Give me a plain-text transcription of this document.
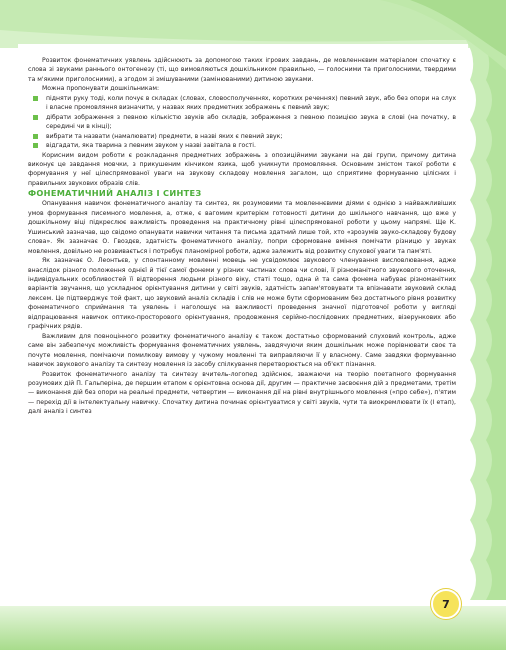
Розвиток фонематичних уявлень здійснюють за допомогою таких ігрових завдань, де мовленнєвим матеріалом спочатку є слова зі звуками раннього онтогенезу (ті, що вимовляються дошкільником правильно, — голосними та приголосними, твердими та м'якими приголосними), а згодом зі змішуваними (замінюваними) дитиною звуками.

Можна пропонувати дошкільникам:

підняти руку тоді, коли почує в складах (словах, словосполученнях, коротких реченнях) певний звук, або без опори на слух і власне промовляння визначити, у назвах яких предметних зображень є певний звук;
дібрати зображення з певною кількістю звуків або складів, зображення з певною позицією звука в слові (на початку, в середині чи в кінці);
вибрати та назвати (намалювати) предмети, в назві яких є певний звук;
відгадати, яка тварина з певним звуком у назві завітала в гості.

Корисним видом роботи є розкладання предметних зображень з опозиційними звуками на дві групи, причому дитина виконує це завдання мовчки, з прикушеним кінчиком язика, щоб уникнути промовляння. Основним змістом такої роботи є формування у неї цілеспрямованої уваги на звукову складову мовлення загалом, що сприятиме формуванню цілісних і правильних звукових образів слів.

ФОНЕМАТИЧНИЙ АНАЛІЗ І СИНТЕЗ

Опанування навичок фонематичного аналізу та синтез, як розумовими та мовленнєвими діями є однією з найважливіших умов формування писемного мовлення, а, отже, є вагомим критерієм готовності дитини до шкільного навчання, що вже у дошкільному віці підкреслює важливість проведення на практичному рівні цілеспрямованої роботи у цьому напрямі. Ще К. Ушинський зазначав, що свідомо опанувати навички читання та письма здатний лише той, хто «зрозумів звуко-складову будову слова». Як зазначає О. Гвоздєв, здатність фонематичного аналізу, попри сформоване вміння помічати різницю у звуках мовлення, довільно не розвивається і потребує планомірної роботи, адже залежить від розвитку слухової уваги та пам'яті.

Як зазначає О. Леонтьєв, у спонтанному мовленні мовець не усвідомлює звукового членування висловлювання, адже внаслідок різного положення однієї й тієї самої фонеми у різних частинах слова чи слові, її різноманітного звукового оточення, індивідуальних особливостей її відтворення людьми різного віку, статі тощо, одна й та сама фонема набуває різноманітних варіантів звучання, що ускладнює орієнтування дитини у світі звуків, здатність запам'ятовувати та впізнавати звуковий склад лексем. Це підтверджує той факт, що звуковий аналіз складів і слів не може бути сформованим без достатнього рівня розвитку фонематичного сприймання та уявлень і наголошує на важливості проведення значної підготовчої роботи у вигляді відпрацювання навичок оптико-просторового орієнтування, продовження серійно-послідовних предметних, візерункових або графічних рядів.

Важливим для повноцінного розвитку фонематичного аналізу є також достатньо сформований слуховий контроль, адже саме він забезпечує можливість формування фонематичних уявлень, завдячуючи яким дошкільник може порівнювати своє та почуте мовлення, помічаючи помилкову вимову у чужому мовленні та виправляючи її у власному. Саме завдяки формуванню навичок звукового аналізу та синтезу мовлення із засобу спілкування перетворюється на об'єкт пізнання.

Розвиток фонематичного аналізу та синтезу вчитель-логопед здійснює, зважаючи на теорію поетапного формування розумових дій П. Гальперіна, де першим етапом є орієнтовна основа дії, другим — практичне засвоєння дій з предметами, третім — виконання дій без опори на реальні предмети, четвертим — виконання дії на рівні внутрішнього мовлення («про себе»), п'ятим — перехід дії в інтелектуальну навичку. Спочатку дитина починає орієнтуватися у світі звуків, чути та виокремлювати їх (І етап), далі аналіз і синтез

7
